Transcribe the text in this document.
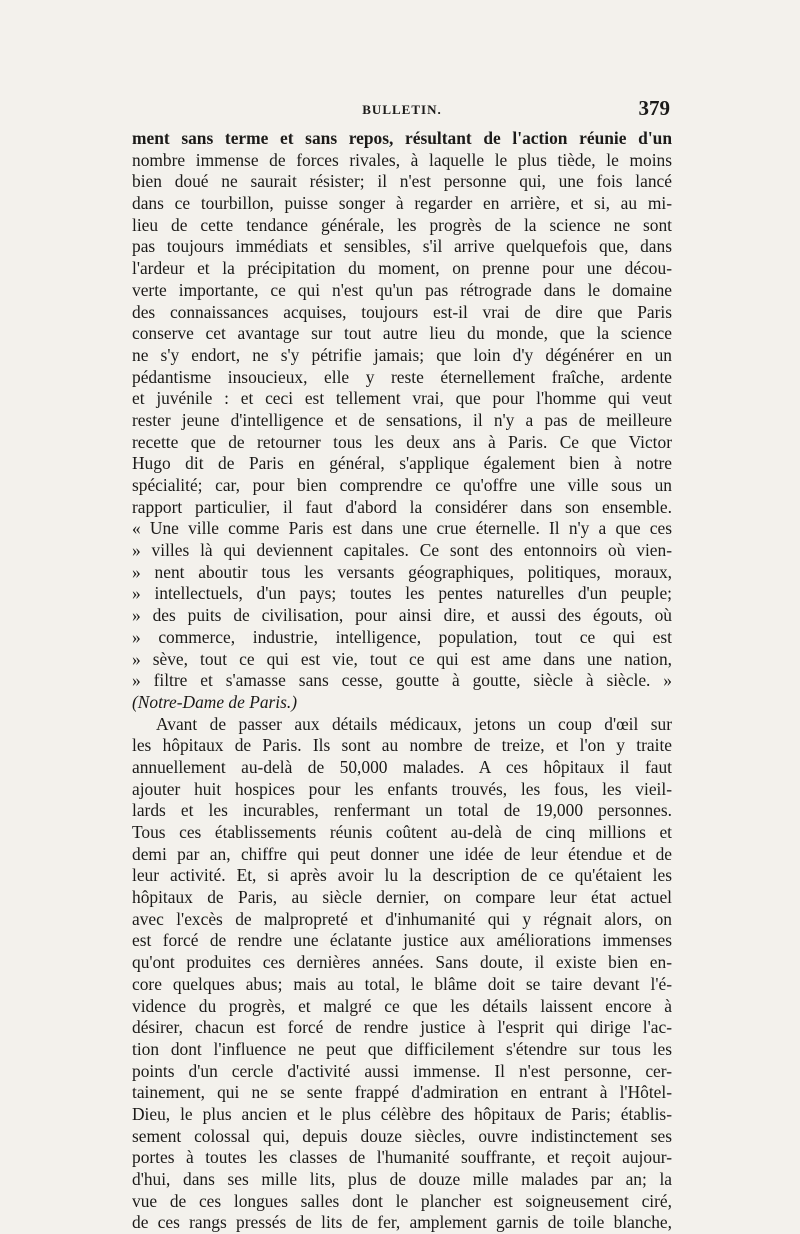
BULLETIN.	379
ment sans terme et sans repos, résultant de l'action réunie d'un
nombre immense de forces rivales, à laquelle le plus tiède, le moins
bien doué ne saurait résister; il n'est personne qui, une fois lancé
dans ce tourbillon, puisse songer à regarder en arrière, et si, au mi-
lieu de cette tendance générale, les progrès de la science ne sont
pas toujours immédiats et sensibles, s'il arrive quelquefois que, dans
l'ardeur et la précipitation du moment, on prenne pour une décou-
verte importante, ce qui n'est qu'un pas rétrograde dans le domaine
des connaissances acquises, toujours est-il vrai de dire que Paris
conserve cet avantage sur tout autre lieu du monde, que la science
ne s'y endort, ne s'y pétrifie jamais; que loin d'y dégénérer en un
pédantisme insoucieux, elle y reste éternellement fraîche, ardente
et juvénile : et ceci est tellement vrai, que pour l'homme qui veut
rester jeune d'intelligence et de sensations, il n'y a pas de meilleure
recette que de retourner tous les deux ans à Paris. Ce que Victor
Hugo dit de Paris en général, s'applique également bien à notre
spécialité; car, pour bien comprendre ce qu'offre une ville sous un
rapport particulier, il faut d'abord la considérer dans son ensemble.
« Une ville comme Paris est dans une crue éternelle. Il n'y a que ces
» villes là qui deviennent capitales. Ce sont des entonnoirs où vien-
» nent aboutir tous les versants géographiques, politiques, moraux,
» intellectuels, d'un pays; toutes les pentes naturelles d'un peuple;
» des puits de civilisation, pour ainsi dire, et aussi des égouts, où
» commerce, industrie, intelligence, population, tout ce qui est
» sève, tout ce qui est vie, tout ce qui est ame dans une nation,
» filtre et s'amasse sans cesse, goutte à goutte, siècle à siècle. »
(Notre-Dame de Paris.)
Avant de passer aux détails médicaux, jetons un coup d'œil sur
les hôpitaux de Paris. Ils sont au nombre de treize, et l'on y traite
annuellement au-delà de 50,000 malades. A ces hôpitaux il faut
ajouter huit hospices pour les enfants trouvés, les fous, les vieil-
lards et les incurables, renfermant un total de 19,000 personnes.
Tous ces établissements réunis coûtent au-delà de cinq millions et
demi par an, chiffre qui peut donner une idée de leur étendue et de
leur activité. Et, si après avoir lu la description de ce qu'étaient les
hôpitaux de Paris, au siècle dernier, on compare leur état actuel
avec l'excès de malpropreté et d'inhumanité qui y régnait alors, on
est forcé de rendre une éclatante justice aux améliorations immenses
qu'ont produites ces dernières années. Sans doute, il existe bien en-
core quelques abus; mais au total, le blâme doit se taire devant l'é-
vidence du progrès, et malgré ce que les détails laissent encore à
désirer, chacun est forcé de rendre justice à l'esprit qui dirige l'ac-
tion dont l'influence ne peut que difficilement s'étendre sur tous les
points d'un cercle d'activité aussi immense. Il n'est personne, cer-
tainement, qui ne se sente frappé d'admiration en entrant à l'Hôtel-
Dieu, le plus ancien et le plus célèbre des hôpitaux de Paris; établis-
sement colossal qui, depuis douze siècles, ouvre indistinctement ses
portes à toutes les classes de l'humanité souffrante, et reçoit aujour-
d'hui, dans ses mille lits, plus de douze mille malades par an; la
vue de ces longues salles dont le plancher est soigneusement ciré,
de ces rangs pressés de lits de fer, amplement garnis de toile blanche,
